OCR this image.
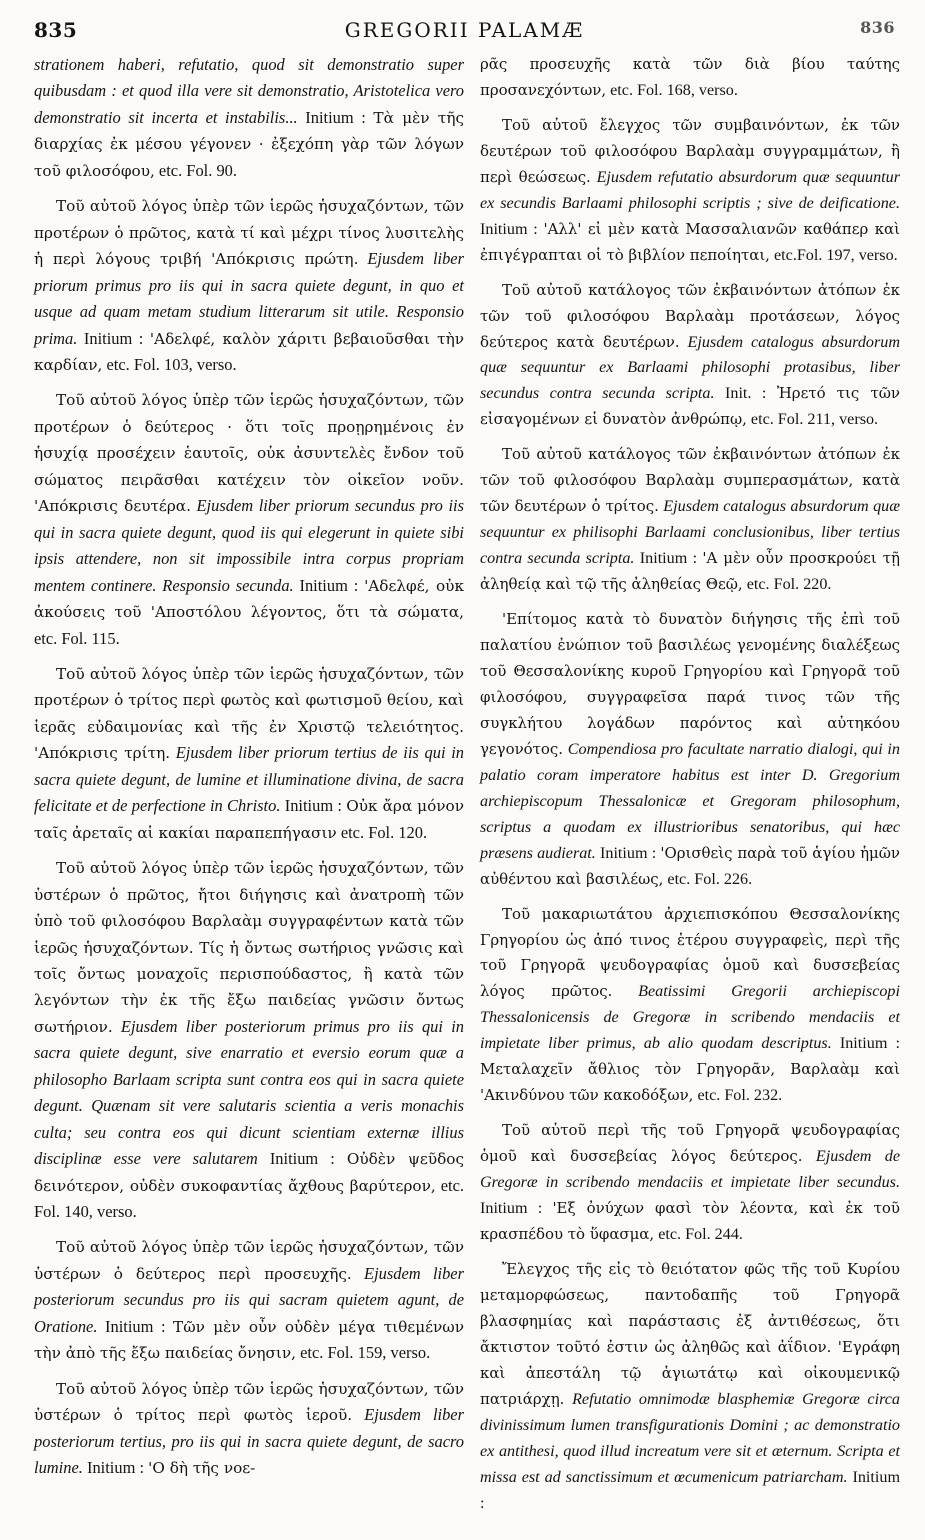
835	GREGORII PALAMÆ	836

strationem haberi, refutatio, quod sit demonstratio super quibusdam : et quod illa vere sit demonstratio, Aristotelica vero demonstratio sit incerta et instabilis... Initium : Τὰ μὲν τῆς διαρχίας ἐκ μέσου γέγονεν · ἐξεχόπη γὰρ τῶν λόγων τοῦ φιλοσόφου, etc. Fol. 90.

Τοῦ αὐτοῦ λόγος ὑπὲρ τῶν ἱερῶς ἡσυχαζόντων, τῶν προτέρων ὁ πρῶτος, κατὰ τί καὶ μέχρι τίνος λυσιτελὴς ἡ περὶ λόγους τριβή 'Απόκρισις πρώτη. Ejusdem liber priorum primus pro iis qui in sacra quiete degunt, in quo et usque ad quam metam studium litterarum sit utile. Responsio prima. Initium : 'Αδελφέ, καλὸν χάριτι βεβαιοῦσθαι τὴν καρδίαν, etc. Fol. 103, verso.

Τοῦ αὐτοῦ λόγος ὑπὲρ τῶν ἱερῶς ἡσυχαζόντων, τῶν προτέρων ὁ δεύτερος · ὅτι τοῖς προῃρημένοις ἐν ἡσυχίᾳ προσέχειν ἑαυτοῖς, οὐκ ἀσυντελὲς ἔνδον τοῦ σώματος πειρᾶσθαι κατέχειν τὸν οἰκεῖον νοῦν. 'Απόκρισις δευτέρα. Ejusdem liber priorum secundus pro iis qui in sacra quiete degunt, quod iis qui elegerunt in quiete sibi ipsis attendere, non sit impossibile intra corpus propriam mentem continere. Responsio secunda. Initium : 'Αδελφέ, οὐκ ἀκούσεις τοῦ 'Αποστόλου λέγοντος, ὅτι τὰ σώματα, etc. Fol. 115.

Τοῦ αὐτοῦ λόγος ὑπὲρ τῶν ἱερῶς ἡσυχαζόντων, τῶν προτέρων ὁ τρίτος περὶ φωτὸς καὶ φωτισμοῦ θείου, καὶ ἱερᾶς εὐδαιμονίας καὶ τῆς ἐν Χριστῷ τελειότητος. 'Απόκρισις τρίτη. Ejusdem liber priorum tertius de iis qui in sacra quiete degunt, de lumine et illuminatione divina, de sacra felicitate et de perfectione in Christo. Initium : Οὐκ ἄρα μόνον ταῖς ἀρεταῖς αἱ κακίαι παραπεπήγασιν etc. Fol. 120.

Τοῦ αὐτοῦ λόγος ὑπὲρ τῶν ἱερῶς ἡσυχαζόντων, τῶν ὑστέρων ὁ πρῶτος, ἤτοι διήγησις καὶ ἀνατροπὴ τῶν ὑπὸ τοῦ φιλοσόφου Βαρλαὰμ συγγραφέντων κατὰ τῶν ἱερῶς ἡσυχαζόντων. Τίς ἡ ὄντως σωτήριος γνῶσις καὶ τοῖς ὄντως μοναχοῖς περισπούδαστος, ἢ κατὰ τῶν λεγόντων τὴν ἐκ τῆς ἔξω παιδείας γνῶσιν ὄντως σωτήριον. Ejusdem liber posteriorum primus pro iis qui in sacra quiete degunt, sive enarratio et eversio eorum quæ a philosopho Barlaam scripta sunt contra eos qui in sacra quiete degunt. Quænam sit vere salutaris scientia a veris monachis culta; seu contra eos qui dicunt scientiam externæ illius disciplinæ esse vere salutarem Initium : Οὐδὲν ψεῦδος δεινότερον, οὐδὲν συκοφαντίας ἄχθους βαρύτερον, etc. Fol. 140, verso.

Τοῦ αὐτοῦ λόγος ὑπὲρ τῶν ἱερῶς ἡσυχαζόντων, τῶν ὑστέρων ὁ δεύτερος περὶ προσευχῆς. Ejusdem liber posteriorum secundus pro iis qui sacram quietem agunt, de Oratione. Initium : Τῶν μὲν οὖν οὐδὲν μέγα τιθεμένων τὴν ἀπὸ τῆς ἔξω παιδείας ὄνησιν, etc. Fol. 159, verso.

Τοῦ αὐτοῦ λόγος ὑπὲρ τῶν ἱερῶς ἡσυχαζόντων, τῶν ὑστέρων ὁ τρίτος περὶ φωτὸς ἱεροῦ. Ejusdem liber posteriorum tertius, pro iis qui in sacra quiete degunt, de sacro lumine. Initium : 'Ο δὴ τῆς νοε-

ρᾶς προσευχῆς κατὰ τῶν διὰ βίου ταύτης προσανεχόντων, etc. Fol. 168, verso.

Τοῦ αὐτοῦ ἔλεγχος τῶν συμβαινόντων, ἐκ τῶν δευτέρων τοῦ φιλοσόφου Βαρλαὰμ συγγραμμάτων, ἢ περὶ θεώσεως. Ejusdem refutatio absurdorum quæ sequuntur ex secundis Barlaami philosophi scriptis ; sive de deificatione. Initium : 'Αλλ' εἰ μὲν κατὰ Μασσαλιανῶν καθάπερ καὶ ἐπιγέγραπται οἱ τὸ βιβλίον πεποίηται, etc.Fol. 197, verso.

Τοῦ αὐτοῦ κατάλογος τῶν ἐκβαινόντων ἀτόπων ἐκ τῶν τοῦ φιλοσόφου Βαρλαὰμ προτάσεων, λόγος δεύτερος κατὰ δευτέρων. Ejusdem catalogus absurdorum quæ sequuntur ex Barlaami philosophi protasibus, liber secundus contra secunda scripta. Init. : Ἠρετό τις τῶν εἰσαγομένων εἰ δυνατὸν ἀνθρώπῳ, etc. Fol. 211, verso.

Τοῦ αὐτοῦ κατάλογος τῶν ἐκβαινόντων ἀτόπων ἐκ τῶν τοῦ φιλοσόφου Βαρλαὰμ συμπερασμάτων, κατὰ τῶν δευτέρων ὁ τρίτος. Ejusdem catalogus absurdorum quæ sequuntur ex philisophi Barlaami conclusionibus, liber tertius contra secunda scripta. Initium : 'Α μὲν οὖν προσκρούει τῇ ἀληθείᾳ καὶ τῷ τῆς ἀληθείας Θεῷ, etc. Fol. 220.

'Επίτομος κατὰ τὸ δυνατὸν διήγησις τῆς ἐπὶ τοῦ παλατίου ἐνώπιον τοῦ βασιλέως γενομένης διαλέξεως τοῦ Θεσσαλονίκης κυροῦ Γρηγορίου καὶ Γρηγορᾶ τοῦ φιλοσόφου, συγγραφεῖσα παρά τινος τῶν τῆς συγκλήτου λογάδων παρόντος καὶ αὐτηκόου γεγονότος. Compendiosa pro facultate narratio dialogi, qui in palatio coram imperatore habitus est inter D. Gregorium archiepiscopum Thessalonicæ et Gregoram philosophum, scriptus a quodam ex illustrioribus senatoribus, qui hæc præsens audierat. Initium : 'Ορισθεὶς παρὰ τοῦ ἁγίου ἡμῶν αὐθέντου καὶ βασιλέως, etc. Fol. 226.

Τοῦ μακαριωτάτου ἀρχιεπισκόπου Θεσσαλονίκης Γρηγορίου ὡς ἀπό τινος ἑτέρου συγγραφεὶς, περὶ τῆς τοῦ Γρηγορᾶ ψευδογραφίας ὁμοῦ καὶ δυσσεβείας λόγος πρῶτος. Beatissimi Gregorii archiepiscopi Thessalonicensis de Gregoræ in scribendo mendaciis et impietate liber primus, ab alio quodam descriptus. Initium : Μεταλαχεῖν ἄθλιος τὸν Γρηγορᾶν, Βαρλαὰμ καὶ 'Ακινδύνου τῶν κακοδόξων, etc. Fol. 232.

Τοῦ αὐτοῦ περὶ τῆς τοῦ Γρηγορᾶ ψευδογραφίας ὁμοῦ καὶ δυσσεβείας λόγος δεύτερος. Ejusdem de Gregoræ in scribendo mendaciis et impietate liber secundus. Initium : 'Εξ ὀνύχων φασὶ τὸν λέοντα, καὶ ἐκ τοῦ κρασπέδου τὸ ὕφασμα, etc. Fol. 244.

Ἔλεγχος τῆς εἰς τὸ θειότατον φῶς τῆς τοῦ Κυρίου μεταμορφώσεως, παντοδαπῆς τοῦ Γρηγορᾶ βλασφημίας καὶ παράστασις ἐξ ἀντιθέσεως, ὅτι ἄκτιστον τοῦτό ἐστιν ὡς ἀληθῶς καὶ ἀΐδιον. 'Εγράφη καὶ ἀπεστάλη τῷ ἁγιωτάτῳ καὶ οἰκουμενικῷ πατριάρχῃ. Refutatio omnimodæ blasphemiæ Gregoræ circa divinissimum lumen transfigurationis Domini ; ac demonstratio ex antithesi, quod illud increatum vere sit et æternum. Scripta et missa est ad sanctissimum et œcumenicum patriarcham. Initium :
